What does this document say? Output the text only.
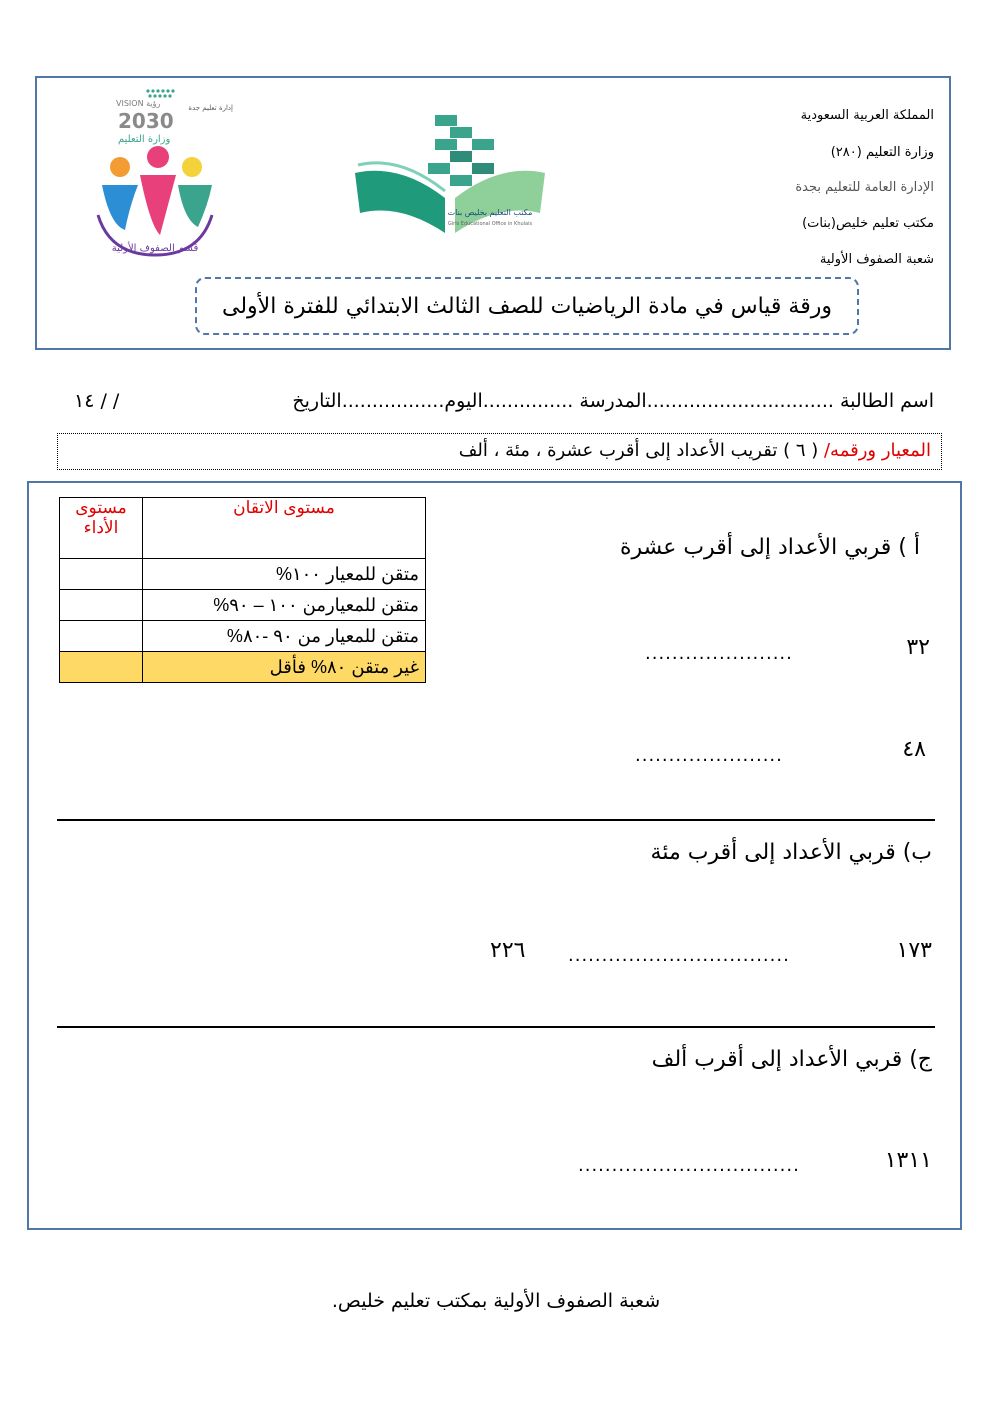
المملكة العربية السعودية
وزارة التعليم (٢٨٠)
الإدارة العامة للتعليم بجدة
مكتب تعليم خليص(بنات)
شعبة الصفوف الأولية
مكتب التعليم بخليص بنات
Girls Educational Office in Khulais
VISION رؤية
2030
وزارة التعليم
إدارة تعليم جدة
قسم الصفوف الأولية
ورقة قياس في مادة الرياضيات للصف الثالث الابتدائي للفترة الأولى
اسم الطالبة ...............................المدرسة ...............اليوم.................التاريخ
/ / ١٤
المعيار ورقمه/ ( ٦ ) تقريب الأعداد إلى أقرب عشرة ، مئة ، ألف
مستوى الاتقان	مستوى الأداء
متقن للمعيار ١٠٠%	
متقن للمعيارمن ١٠٠ – ٩٠%	
متقن للمعيار من ٩٠ -٨٠%	
غير متقن ٨٠% فأقل	
أ ) قربي الأعداد إلى أقرب عشرة
٣٢
......................
٤٨
......................
ب) قربي الأعداد إلى أقرب مئة
١٧٣
.................................
٢٢٦
ج) قربي الأعداد إلى أقرب ألف
١٣١١
.................................
شعبة الصفوف الأولية بمكتب تعليم خليص.
